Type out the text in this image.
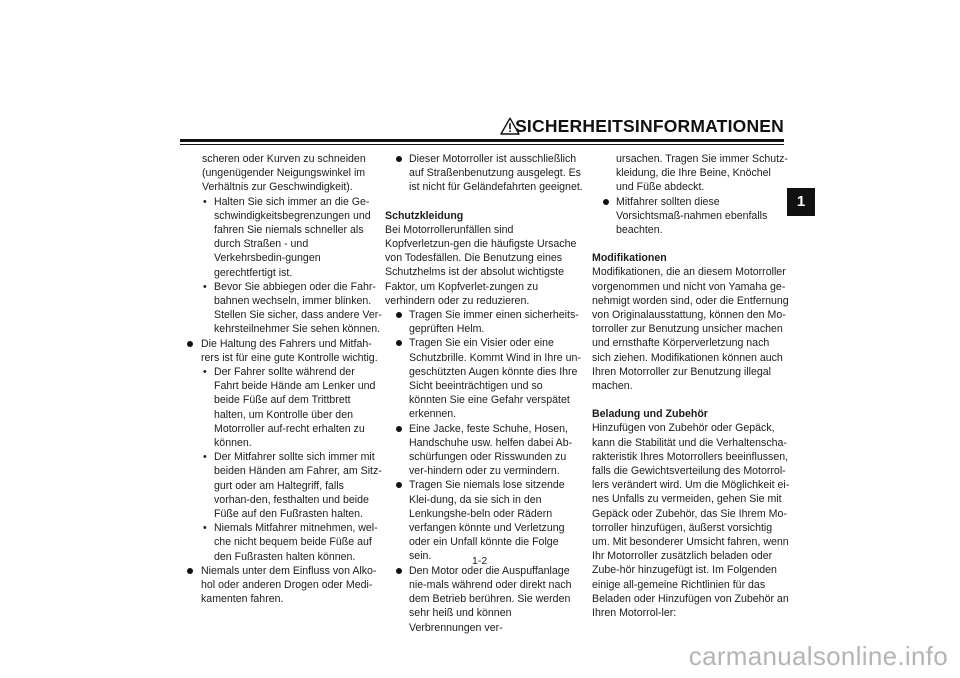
SICHERHEITSINFORMATIONEN
1

scheren oder Kurven zu schneiden (ungenügender Neigungswinkel im Verhältnis zur Geschwindigkeit).

• Halten Sie sich immer an die Ge-schwindigkeitsbegrenzungen und fahren Sie niemals schneller als durch Straßen - und Verkehrsbedin-gungen gerechtfertigt ist.

• Bevor Sie abbiegen oder die Fahr-bahnen wechseln, immer blinken. Stellen Sie sicher, dass andere Ver-kehrsteilnehmer Sie sehen können.

Die Haltung des Fahrers und Mitfah-rers ist für eine gute Kontrolle wichtig.

• Der Fahrer sollte während der Fahrt beide Hände am Lenker und beide Füße auf dem Trittbrett halten, um Kontrolle über den Motorroller auf-recht erhalten zu können.

• Der Mitfahrer sollte sich immer mit beiden Händen am Fahrer, am Sitz-gurt oder am Haltegriff, falls vorhan-den, festhalten und beide Füße auf den Fußrasten halten.

• Niemals Mitfahrer mitnehmen, wel-che nicht bequem beide Füße auf den Fußrasten halten können.

Niemals unter dem Einfluss von Alko-hol oder anderen Drogen oder Medi-kamenten fahren.

Dieser Motorroller ist ausschließlich auf Straßenbenutzung ausgelegt. Es ist nicht für Geländefahrten geeignet.

Schutzkleidung

Bei Motorrollerunfällen sind Kopfverletzun-gen die häufigste Ursache von Todesfällen. Die Benutzung eines Schutzhelms ist der absolut wichtigste Faktor, um Kopfverlet-zungen zu verhindern oder zu reduzieren.

Tragen Sie immer einen sicherheits-geprüften Helm.

Tragen Sie ein Visier oder eine Schutzbrille. Kommt Wind in Ihre un-geschützten Augen könnte dies Ihre Sicht beeinträchtigen und so könnten Sie eine Gefahr verspätet erkennen.

Eine Jacke, feste Schuhe, Hosen, Handschuhe usw. helfen dabei Ab-schürfungen oder Risswunden zu ver-hindern oder zu vermindern.

Tragen Sie niemals lose sitzende Klei-dung, da sie sich in den Lenkungshe-beln oder Rädern verfangen könnte und Verletzung oder ein Unfall könnte die Folge sein.

Den Motor oder die Auspuffanlage nie-mals während oder direkt nach dem Betrieb berühren. Sie werden sehr heiß und können Verbrennungen ver-

ursachen. Tragen Sie immer Schutz-kleidung, die Ihre Beine, Knöchel und Füße abdeckt.

Mitfahrer sollten diese Vorsichtsmaß-nahmen ebenfalls beachten.

Modifikationen

Modifikationen, die an diesem Motorroller vorgenommen und nicht von Yamaha ge-nehmigt worden sind, oder die Entfernung von Originalausstattung, können den Mo-torroller zur Benutzung unsicher machen und ernsthafte Körperverletzung nach sich ziehen. Modifikationen können auch Ihren Motorroller zur Benutzung illegal machen.

Beladung und Zubehör

Hinzufügen von Zubehör oder Gepäck, kann die Stabilität und die Verhaltenscha-rakteristik Ihres Motorrollers beeinflussen, falls die Gewichtsverteilung des Motorrol-lers verändert wird. Um die Möglichkeit ei-nes Unfalls zu vermeiden, gehen Sie mit Gepäck oder Zubehör, das Sie Ihrem Mo-torroller hinzufügen, äußerst vorsichtig um. Mit besonderer Umsicht fahren, wenn Ihr Motorroller zusätzlich beladen oder Zube-hör hinzugefügt ist. Im Folgenden einige all-gemeine Richtlinien für das Beladen oder Hinzufügen von Zubehör an Ihren Motorrol-ler:

1-2
carmanualsonline.info
